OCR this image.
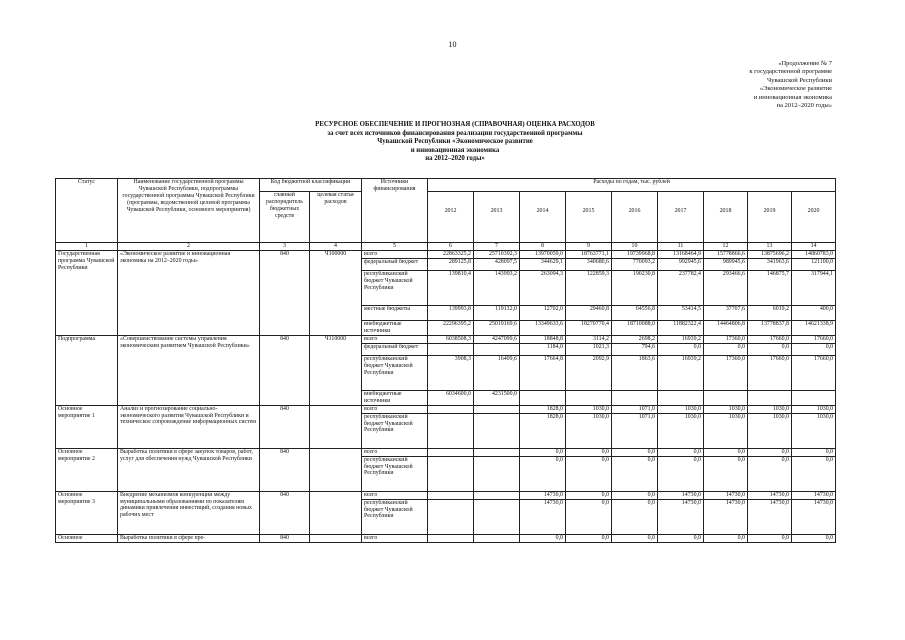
10
«Продолжение № 7
к государственной программе
Чувашской Республики
«Экономическое развитие
и инновационная экономика
на 2012–2020 годы»
РЕСУРСНОЕ ОБЕСПЕЧЕНИЕ И ПРОГНОЗНАЯ (СПРАВОЧНАЯ) ОЦЕНКА РАСХОДОВ
за счет всех источников финансирования реализации государственной программы
Чувашской Республики «Экономическое развитие
и инновационная экономика
на 2012–2020 годы»
Статус	Наименование государственной программы Чувашской Республики, подпрограммы государственной программы Чувашской Республики (программы, ведомственной целевой программы Чувашской Республики, основного мероприятия)	Код бюджетной классификации		Источники финансирования	Расходы по годам, тыс. рублей								
		главный распорядитель бюджетных средств	целевая статья расходов										
					2012	2013	2014	2015	2016	2017	2018	2019	2020
1	2	3	4	5	6	7	8	9	10	11	12	13	14
Государственная программа Чувашской Республики	«Экономическое развитие и инновационная экономика на 2012–2020 годы»	840	Ч100000	всего	22863325,2	25710392,3	13970059,0	18763771,1	19739968,8	13168464,9	15778866,6	13875696,2	14860783,0
				федеральный бюджет	289125,8	428097,5	344629,1	340680,6	770093,2	992945,6	989945,6	341963,6	121100,0
				республиканский бюджет Чувашской Республики	139810,4	143993,2	263094,3	122859,3	190230,8	237782,4	293466,6	146875,7	317944,1
				местные бюджеты	139993,8	119132,0	12702,0	29460,8	64556,8	53414,5	37707,6	6019,2	400,0
				внебюджетные источники	22296395,2	25019169,6	13349633,6	18270770,4	18710088,0	11882322,4	14464806,8	13778837,8	14621338,9
Подпрограмма	«Совершенствование системы управления экономическим развитием Чувашской Республики»	840	Ч110000	всего	6038508,3	4247099,6	18848,8	3114,2	2698,2	16939,2	17360,0	17660,0	17660,0
				федеральный бюджет			1184,0	1021,3	794,6	0,0	0,0	0,0	0,0
				республиканский бюджет Чувашской Республики	3908,3	16409,6	17664,8	2092,9	1863,6	16939,2	17360,0	17660,0	17660,0
				внебюджетные источники	6034600,0	4231500,0							
Основное мероприятие 1	Анализ и прогнозирование социально-экономического развития Чувашской Республики и техническое сопровождение информационных систем	840		всего			1828,0	1030,0	1071,0	1030,0	1030,0	1030,0	1030,0
				республиканский бюджет Чувашской Республики			1828,0	1030,0	1071,0	1030,0	1030,0	1030,0	1030,0
Основное мероприятие 2	Выработка политики в сфере закупок товаров, работ, услуг для обеспечения нужд Чувашской Республики	840		всего			0,0	0,0	0,0	0,0	0,0	0,0	0,0
				республиканский бюджет Чувашской Республики			0,0	0,0	0,0	0,0	0,0	0,0	0,0
Основное мероприятие 3	Внедрение механизмов конкуренции между муниципальными образованиями по показателям динамики привлечения инвестиций, создания новых рабочих мест	840		всего			14730,0	0,0	0,0	14730,0	14730,0	14730,0	14730,0
				республиканский бюджет Чувашской Республики			14730,0	0,0	0,0	14730,0	14730,0	14730,0	14730,0
Основное	Выработка политики в сфере пре-	840		всего			0,0	0,0	0,0	0,0	0,0	0,0	0,0
